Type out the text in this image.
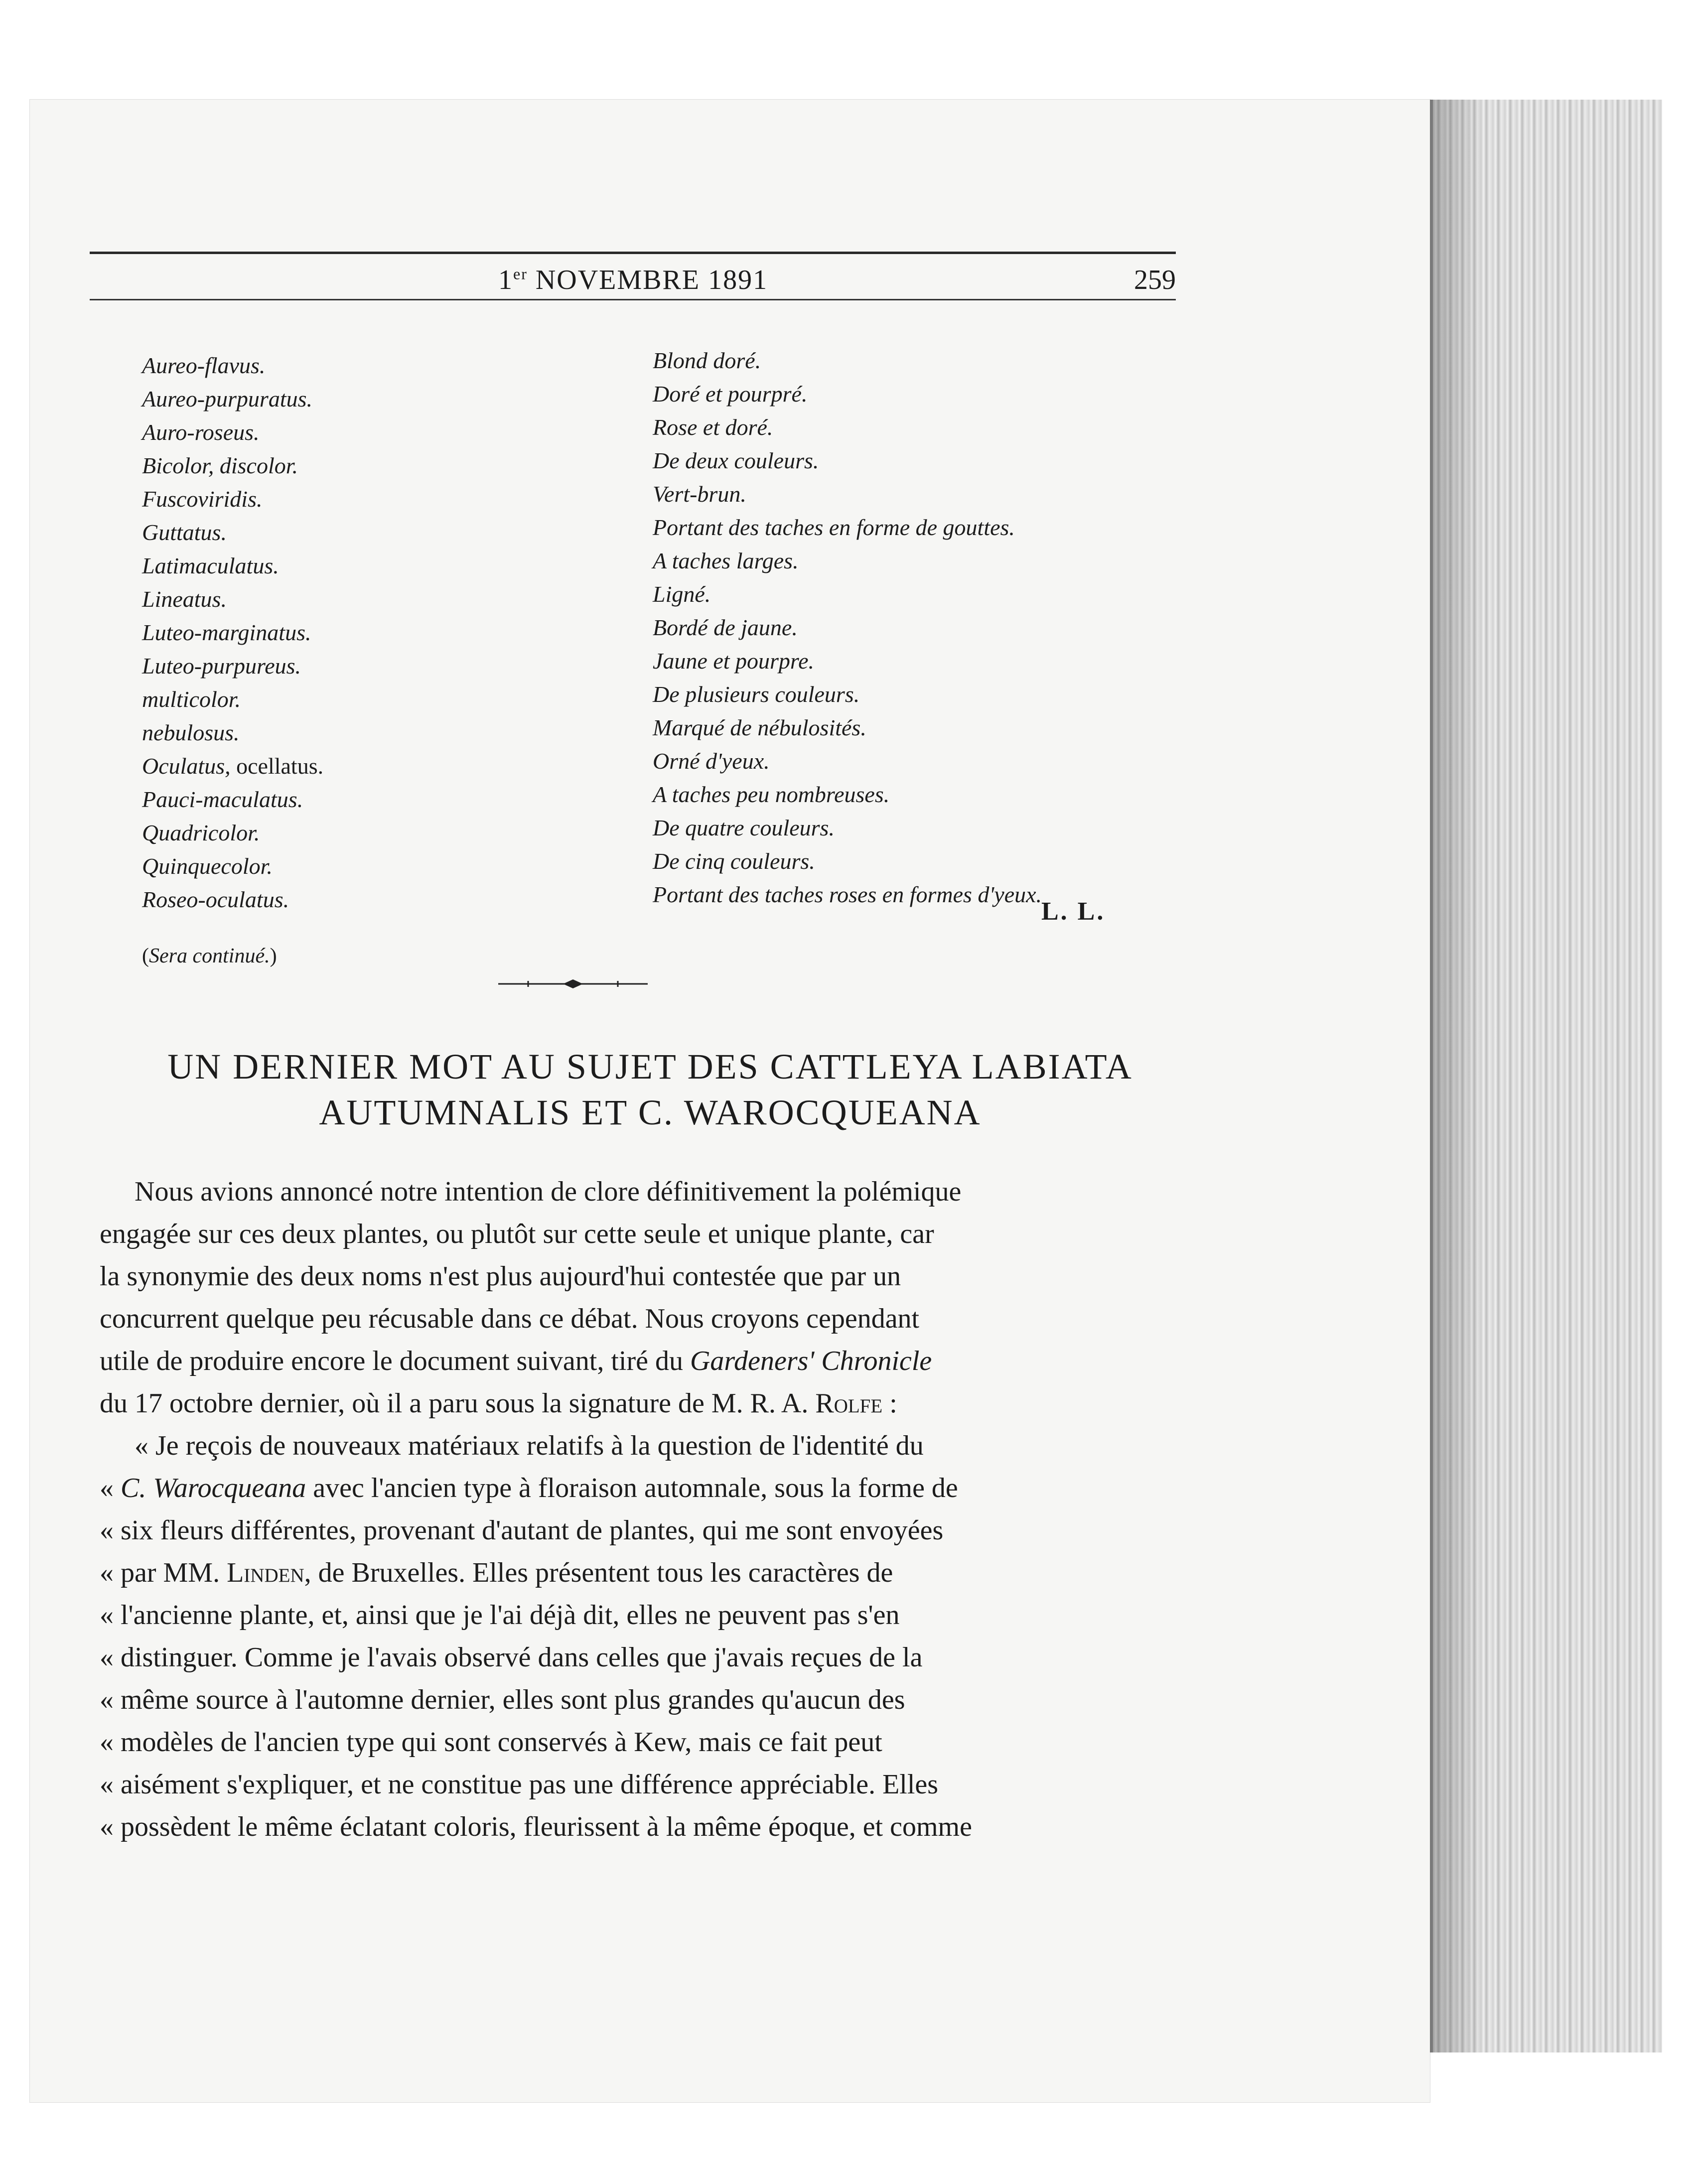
1er NOVEMBRE 1891	259
Aureo-flavus.
Aureo-purpuratus.
Auro-roseus.
Bicolor, discolor.
Fuscoviridis.
Guttatus.
Latimaculatus.
Lineatus.
Luteo-marginatus.
Luteo-purpureus.
multicolor.
nebulosus.
Oculatus, ocellatus.
Pauci-maculatus.
Quadricolor.
Quinquecolor.
Roseo-oculatus.
Blond doré.
Doré et pourpré.
Rose et doré.
De deux couleurs.
Vert-brun.
Portant des taches en forme de gouttes.
A taches larges.
Ligné.
Bordé de jaune.
Jaune et pourpre.
De plusieurs couleurs.
Marqué de nébulosités.
Orné d'yeux.
A taches peu nombreuses.
De quatre couleurs.
De cinq couleurs.
Portant des taches roses en formes d'yeux.
L. L.
(Sera continué.)
UN DERNIER MOT AU SUJET DES CATTLEYA LABIATA
AUTUMNALIS ET C. WAROCQUEANA

Nous avions annoncé notre intention de clore définitivement la polémique

engagée sur ces deux plantes, ou plutôt sur cette seule et unique plante, car

la synonymie des deux noms n'est plus aujourd'hui contestée que par un

concurrent quelque peu récusable dans ce débat. Nous croyons cependant

utile de produire encore le document suivant, tiré du Gardeners' Chronicle

du 17 octobre dernier, où il a paru sous la signature de M. R. A. Rolfe :

« Je reçois de nouveaux matériaux relatifs à la question de l'identité du

« C. Warocqueana avec l'ancien type à floraison automnale, sous la forme de

« six fleurs différentes, provenant d'autant de plantes, qui me sont envoyées

« par MM. Linden, de Bruxelles. Elles présentent tous les caractères de

« l'ancienne plante, et, ainsi que je l'ai déjà dit, elles ne peuvent pas s'en

« distinguer. Comme je l'avais observé dans celles que j'avais reçues de la

« même source à l'automne dernier, elles sont plus grandes qu'aucun des

« modèles de l'ancien type qui sont conservés à Kew, mais ce fait peut

« aisément s'expliquer, et ne constitue pas une différence appréciable. Elles

« possèdent le même éclatant coloris, fleurissent à la même époque, et comme
